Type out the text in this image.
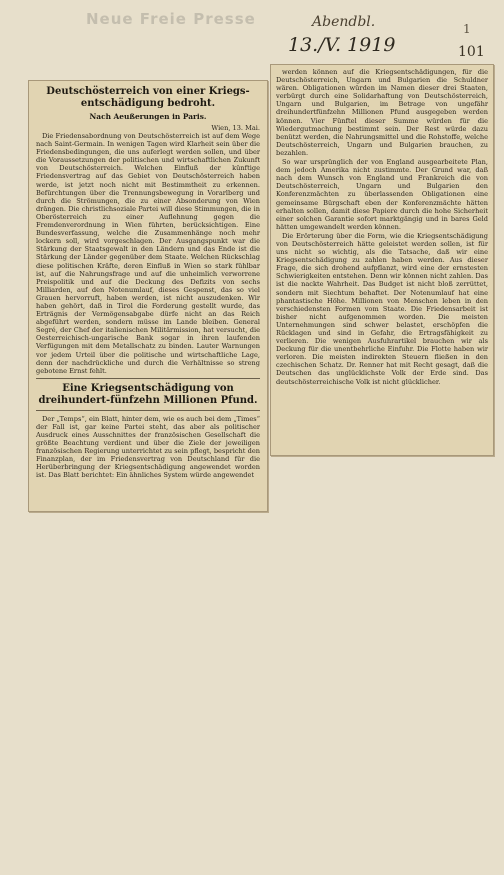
Neue Freie Presse	Abendbl.
13./V. 1919
1
101

Deutschösterreich von einer Kriegs-entschädigung bedroht.

Nach Aeußerungen in Paris.

Wien, 13. Mai.

Die Friedensabordnung von Deutschösterreich ist auf dem Wege nach Saint-Germain. In wenigen Tagen wird Klarheit sein über die Friedensbedingungen, die uns auferlegt werden sollen, und über die Voraussetzungen der politischen und wirtschaftlichen Zukunft von Deutschösterreich. Welchen Einfluß der künftige Friedensvertrag auf das Gebiet von Deutschösterreich haben werde, ist jetzt noch nicht mit Bestimmtheit zu erkennen. Befürchtungen über die Trennungsbewegung in Vorarlberg und durch die Strömungen, die zu einer Absonderung von Wien drängen. Die christlichsoziale Partei will diese Stimmungen, die in Oberösterreich zu einer Auflehnung gegen die Fremdenverordnung in Wien führten, berücksichtigen. Eine Bundesverfassung, welche die Zusammenhänge noch mehr lockern soll, wird vorgeschlagen. Der Ausgangspunkt war die Stärkung der Staatsgewalt in den Ländern und das Ende ist die Stärkung der Länder gegenüber dem Staate. Welchen Rückschlag diese politischen Kräfte, deren Einfluß in Wien so stark fühlbar ist, auf die Nahrungsfrage und auf die unheimlich verworrene Preispolitik und auf die Deckung des Defizits von sechs Milliarden, auf den Notenumlauf, dieses Gespenst, das so viel Grauen hervorruft, haben werden, ist nicht auszudenken. Wir haben gehört, daß in Tirol die Forderung gestellt wurde, das Erträgnis der Vermögensabgabe dürfe nicht an das Reich abgeführt werden, sondern müsse im Lande bleiben. General Segré, der Chef der italienischen Militärmission, hat versucht, die Oesterreichisch-ungarische Bank sogar in ihren laufenden Verfügungen mit dem Metallschatz zu binden. Lauter Warnungen vor jedem Urteil über die politische und wirtschaftliche Lage, denn der nachdrückliche und durch die Verhältnisse so streng gebotene Ernst fehlt.

Eine Kriegsentschädigung von dreihundert-fünfzehn Millionen Pfund.

Der „Temps“, ein Blatt, hinter dem, wie es auch bei dem „Times“ der Fall ist, gar keine Partei steht, das aber als politischer Ausdruck eines Ausschnittes der französischen Gesellschaft die größte Beachtung verdient und über die Ziele der jeweiligen französischen Regierung unterrichtet zu sein pflegt, bespricht den Finanzplan, der im Friedensvertrag von Deutschland für die Herüberbringung der Kriegsentschädigung angewendet worden ist. Das Blatt berichtet: Ein ähnliches System würde angewendet

werden können auf die Kriegsentschädigungen, für die Deutschösterreich, Ungarn und Bulgarien die Schuldner wären. Obligationen würden im Namen dieser drei Staaten, verbürgt durch eine Solidarhaftung von Deutschösterreich, Ungarn und Bulgarien, im Betrage von ungefähr dreihundertfünfzehn Millionen Pfund ausgegeben werden können. Vier Fünftel dieser Summe würden für die Wiedergutmachung bestimmt sein. Der Rest würde dazu benützt werden, die Nahrungsmittel und die Rohstoffe, welche Deutschösterreich, Ungarn und Bulgarien brauchen, zu bezahlen.

So war ursprünglich der von England ausgearbeitete Plan, dem jedoch Amerika nicht zustimmte. Der Grund war, daß nach dem Wunsch von England und Frankreich die von Deutschösterreich, Ungarn und Bulgarien den Konferenzmächten zu überlassenden Obligationen eine gemeinsame Bürgschaft eben der Konferenzmächte hätten erhalten sollen, damit diese Papiere durch die hohe Sicherheit einer solchen Garantie sofort marktgängig und in bares Geld hätten umgewandelt werden können.

Die Erörterung über die Form, wie die Kriegsentschädigung von Deutschösterreich hätte geleistet werden sollen, ist für uns nicht so wichtig, als die Tatsache, daß wir eine Kriegsentschädigung zu zahlen haben werden. Aus dieser Frage, die sich drohend aufpflanzt, wird eine der ernstesten Schwierigkeiten entstehen. Denn wir können nicht zahlen. Das ist die nackte Wahrheit. Das Budget ist nicht bloß zerrüttet, sondern mit Siechtum behaftet. Der Notenumlauf hat eine phantastische Höhe. Millionen von Menschen leben in den verschiedensten Formen vom Staate. Die Friedensarbeit ist bisher nicht aufgenommen worden. Die meisten Unternehmungen sind schwer belastet, erschöpfen die Rücklagen und sind in Gefahr, die Ertragsfähigkeit zu verlieren. Die wenigen Ausfuhrartikel brauchen wir als Deckung für die unentbehrliche Einfuhr. Die Flotte haben wir verloren. Die meisten indirekten Steuern fließen in den czechischen Schatz. Dr. Renner hat mit Recht gesagt, daß die Deutschen das unglücklichste Volk der Erde sind. Das deutschösterreichische Volk ist nicht glücklicher.
